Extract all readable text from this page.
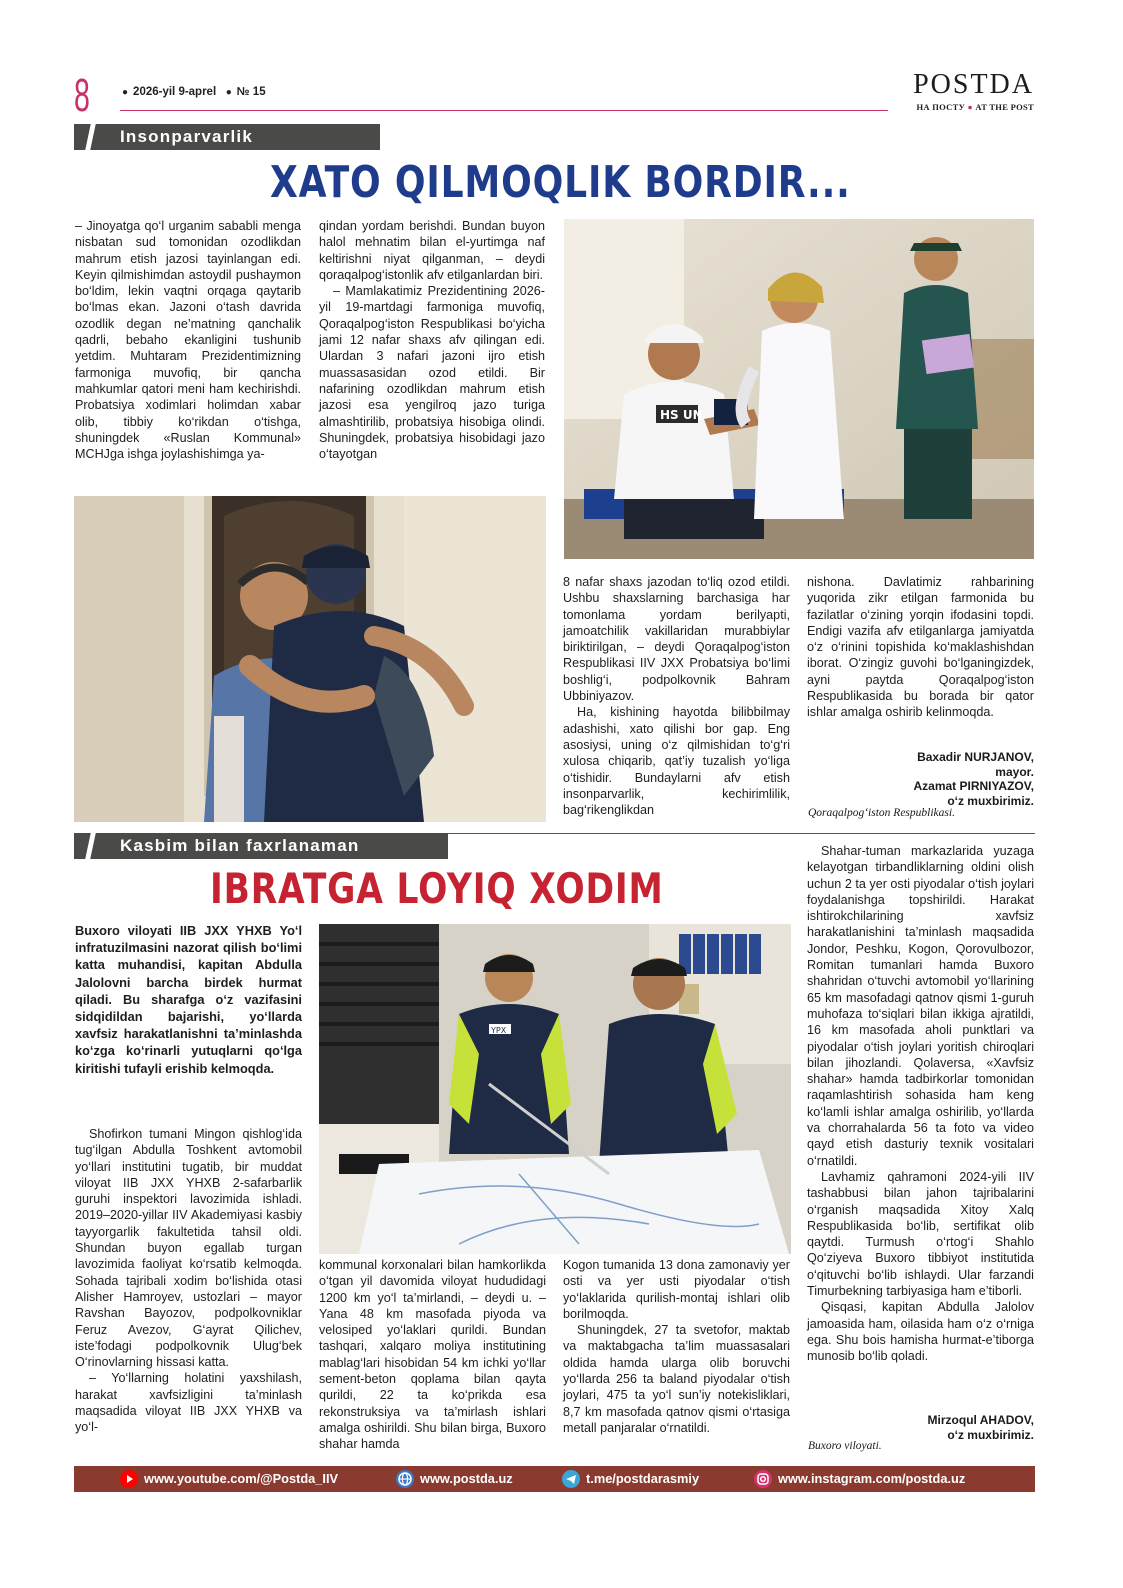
8	● 2026-yil 9-aprel ● № 15	POSTDA
НА ПОСТУ ● AT THE POST
Insonparvarlik
XATO QILMOQLIK BORDIR...

– Jinoyatga qo‘l urganim sababli menga nisbatan sud tomonidan ozodlikdan mahrum etish jazosi tayinlangan edi. Keyin qilmishimdan astoydil pushaymon bo‘ldim, lekin vaqtni orqaga qaytarib bo‘lmas ekan. Jazoni o‘tash davrida ozodlik degan ne’matning qanchalik qadrli, bebaho ekanligini tushunib yetdim. Muhtaram Prezidentimizning farmoniga muvofiq, bir qancha mahkumlar qatori meni ham kechirishdi. Probatsiya xodimlari holimdan xabar olib, tibbiy ko‘rikdan o‘tishga, shuningdek «Ruslan Kommunal» MCHJga ishga joylashishimga ya-

qindan yordam berishdi. Bundan buyon halol mehnatim bilan el-yurtimga naf keltirishni niyat qilganman, – deydi qoraqalpog‘istonlik afv etilganlardan biri.

– Mamlakatimiz Prezidentining 2026-yil 19-martdagi farmoniga muvofiq, Qoraqalpog‘iston Respublikasi bo‘yicha jami 12 nafar shaxs afv qilingan edi. Ulardan 3 nafari jazoni ijro etish muassasasidan ozod etildi. Bir nafarining ozodlikdan mahrum etish jazosi esa yengilroq jazo turiga almashtirilib, probatsiya hisobiga olindi. Shuningdek, probatsiya hisobidagi jazo o‘tayotgan

HS UN

8 nafar shaxs jazodan to‘liq ozod etildi. Ushbu shaxslarning barchasiga har tomonlama yordam berilyapti, jamoatchilik vakillaridan murabbiylar biriktirilgan, – deydi Qoraqalpog‘iston Respublikasi IIV JXX Probatsiya bo‘limi boshlig‘i, podpolkovnik Bahram Ubbiniyazov.

Ha, kishining hayotda bilibbilmay adashishi, xato qilishi bor gap. Eng asosiysi, uning o‘z qilmishidan to‘g‘ri xulosa chiqarib, qat’iy tuzalish yo‘liga o‘tishidir. Bundaylarni afv etish insonparvarlik, kechirimlilik, bag‘rikenglikdan

nishona. Davlatimiz rahbarining yuqorida zikr etilgan farmonida bu fazilatlar o‘zining yorqin ifodasini topdi. Endigi vazifa afv etilganlarga jamiyatda o‘z o‘rinini topishida ko‘maklashishdan iborat. O‘zingiz guvohi bo‘lganingizdek, ayni paytda Qoraqalpog‘iston Respublikasida bu borada bir qator ishlar amalga oshirib kelinmoqda.

Baxadir NURJANOV,
mayor.
Azamat PIRNIYAZOV,
o‘z muxbirimiz.
Qoraqalpog‘iston Respublikasi.
Kasbim bilan faxrlanaman
IBRATGA LOYIQ XODIM
Buxoro viloyati IIB JXX YHXB Yo‘l infratuzilmasini nazorat qilish bo‘limi katta muhandisi, kapitan Abdulla Jalolovni barcha birdek hurmat qiladi. Bu sharafga o‘z vazifasini sidqidildan bajarishi, yo‘llarda xavfsiz harakatlanishni ta’minlashda ko‘zga ko‘rinarli yutuqlarni qo‘lga kiritishi tufayli erishib kelmoqda.

Shofirkon tumani Mingon qishlog‘ida tug‘ilgan Abdulla Toshkent avtomobil yo‘llari institutini tugatib, bir muddat viloyat IIB JXX YHXB 2-safarbarlik guruhi inspektori lavozimida ishladi. 2019–2020-yillar IIV Akademiyasi kasbiy tayyorgarlik fakultetida tahsil oldi. Shundan buyon egallab turgan lavozimida faoliyat ko‘rsatib kelmoqda. Sohada tajribali xodim bo‘lishida otasi Alisher Hamroyev, ustozlari – mayor Ravshan Bayozov, podpolkovniklar Feruz Avezov, G‘ayrat Qilichev, iste’fodagi podpolkovnik Ulug‘bek O‘rinovlarning hissasi katta.

– Yo‘llarning holatini yaxshilash, harakat xavfsizligini ta’minlash maqsadida viloyat IIB JXX YHXB va yo‘l-

YPX

kommunal korxonalari bilan hamkorlikda o‘tgan yil davomida viloyat hududidagi 1200 km yo‘l ta’mirlandi, – deydi u. – Yana 48 km masofada piyoda va velosiped yo‘laklari qurildi. Bundan tashqari, xalqaro moliya institutining mablag‘lari hisobidan 54 km ichki yo‘llar sement-beton qoplama bilan qayta qurildi, 22 ta ko‘prikda esa rekonstruksiya va ta’mirlash ishlari amalga oshirildi. Shu bilan birga, Buxoro shahar hamda

Kogon tumanida 13 dona zamonaviy yer osti va yer usti piyodalar o‘tish yo‘laklarida qurilish-montaj ishlari olib borilmoqda.

Shuningdek, 27 ta svetofor, maktab va maktabgacha ta’lim muassasalari oldida hamda ularga olib boruvchi yo‘llarda 256 ta baland piyodalar o‘tish joylari, 475 ta yo‘l sun’iy notekisliklari, 8,7 km masofada qatnov qismi o‘rtasiga metall panjaralar o‘rnatildi.

Shahar-tuman markazlarida yuzaga kelayotgan tirbandliklarning oldini olish uchun 2 ta yer osti piyodalar o‘tish joylari foydalanishga topshirildi. Harakat ishtirokchilarining xavfsiz harakatlanishini ta’minlash maqsadida Jondor, Peshku, Kogon, Qorovulbozor, Romitan tumanlari hamda Buxoro shahridan o‘tuvchi avtomobil yo‘llarining 65 km masofadagi qatnov qismi 1-guruh muhofaza to‘siqlari bilan ikkiga ajratildi, 16 km masofada aholi punktlari va piyodalar o‘tish joylari yoritish chiroqlari bilan jihozlandi. Qolaversa, «Xavfsiz shahar» hamda tadbirkorlar tomonidan raqamlashtirish sohasida ham keng ko‘lamli ishlar amalga oshirilib, yo‘llarda va chorrahalarda 56 ta foto va video qayd etish dasturiy texnik vositalari o‘rnatildi.

Lavhamiz qahramoni 2024-yili IIV tashabbusi bilan jahon tajribalarini o‘rganish maqsadida Xitoy Xalq Respublikasida bo‘lib, sertifikat olib qaytdi. Turmush o‘rtog‘i Shahlo Qo‘ziyeva Buxoro tibbiyot institutida o‘qituvchi bo‘lib ishlaydi. Ular farzandi Timurbekning tarbiyasiga ham e’tiborli.

Qisqasi, kapitan Abdulla Jalolov jamoasida ham, oilasida ham o‘z o‘rniga ega. Shu bois hamisha hurmat-e’tiborga munosib bo‘lib qoladi.

Mirzoqul AHADOV,
o‘z muxbirimiz.
Buxoro viloyati.
www.youtube.com/@Postda_IIV	www.postda.uz	t.me/postdarasmiy	www.instagram.com/postda.uz
